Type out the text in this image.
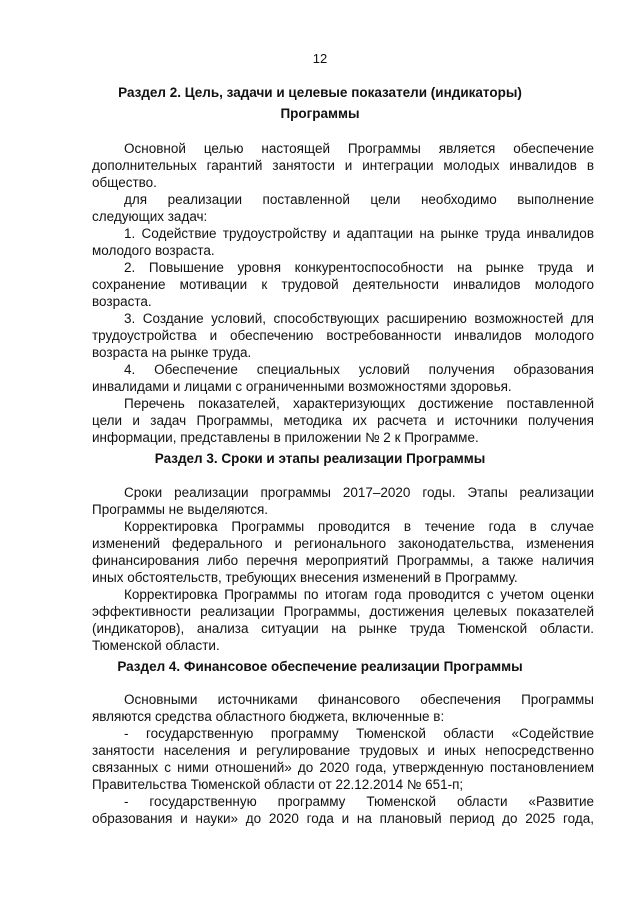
12
Раздел 2. Цель, задачи и целевые показатели (индикаторы)
Программы
Основной целью настоящей Программы является обеспечение
дополнительных гарантий занятости и интеграции молодых инвалидов в
общество.
для реализации поставленной цели необходимо выполнение
следующих задач:
1. Содействие трудоустройству и адаптации на рынке труда инвалидов
молодого возраста.
2. Повышение уровня конкурентоспособности на рынке труда и
сохранение мотивации к трудовой деятельности инвалидов молодого
возраста.
3. Создание условий, способствующих расширению возможностей для
трудоустройства и обеспечению востребованности инвалидов молодого
возраста на рынке труда.
4. Обеспечение специальных условий получения образования
инвалидами и лицами с ограниченными возможностями здоровья.
Перечень показателей, характеризующих достижение поставленной
цели и задач Программы, методика их расчета и источники получения
информации, представлены в приложении № 2 к Программе.
Раздел 3. Сроки и этапы реализации Программы
Сроки реализации программы 2017–2020 годы. Этапы реализации
Программы не выделяются.
Корректировка Программы проводится в течение года в случае
изменений федерального и регионального законодательства, изменения
финансирования либо перечня мероприятий Программы, а также наличия
иных обстоятельств, требующих внесения изменений в Программу.
Корректировка Программы по итогам года проводится с учетом оценки
эффективности реализации Программы, достижения целевых показателей
(индикаторов), анализа ситуации на рынке труда Тюменской области.
Тюменской области.
Раздел 4. Финансовое обеспечение реализации Программы
Основными источниками финансового обеспечения Программы
являются средства областного бюджета, включенные в:
- государственную программу Тюменской области «Содействие
занятости населения и регулирование трудовых и иных непосредственно
связанных с ними отношений» до 2020 года, утвержденную постановлением
Правительства Тюменской области от 22.12.2014 № 651-п;
- государственную программу Тюменской области «Развитие
образования и науки» до 2020 года и на плановый период до 2025 года,
